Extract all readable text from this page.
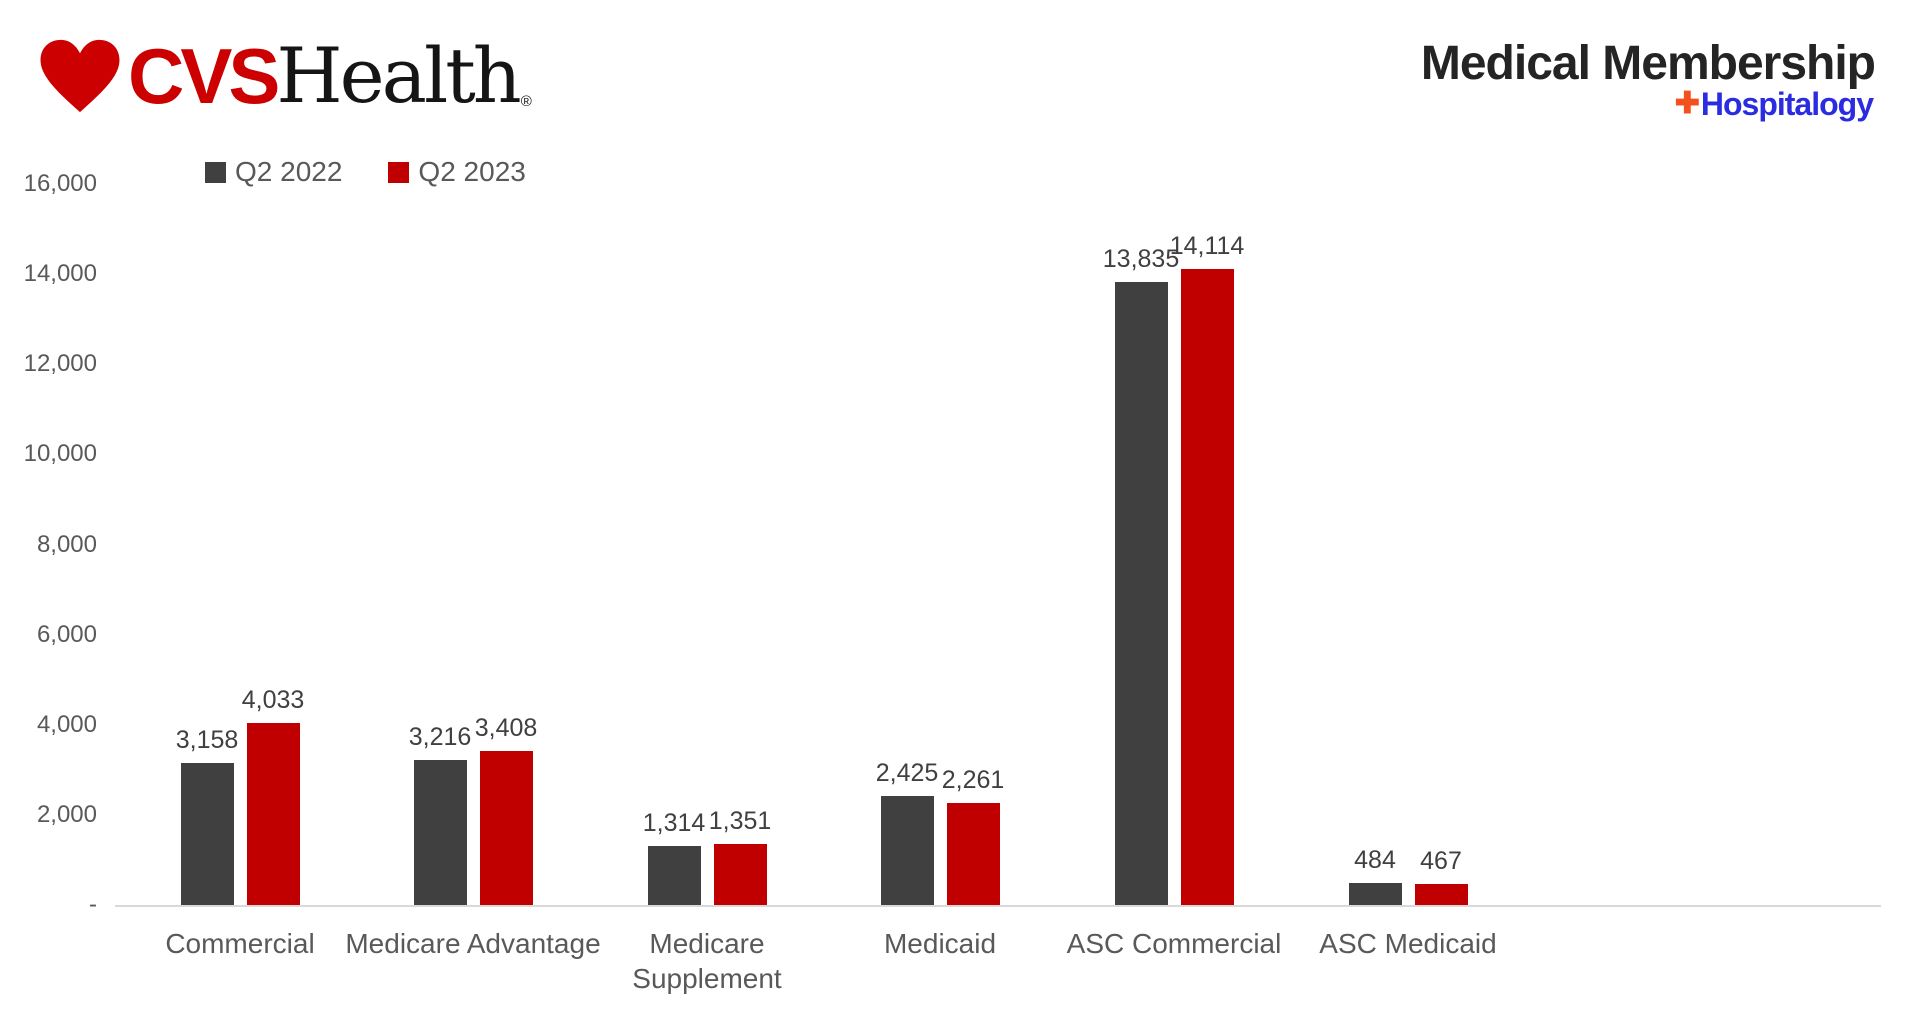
CVS Health ®
Medical Membership
✚ Hospitalogy
Q2 2022	Q2 2023
16,000
14,000
12,000
10,000
8,000
6,000
4,000
2,000
-
3,158	3,216
1,314
2,425
13,835
484
4,033
3,408
1,351
2,261
14,114
467
Commercial	Medicare Advantage	Medicare Supplement
Medicaid	ASC Commercial	ASC Medicaid
